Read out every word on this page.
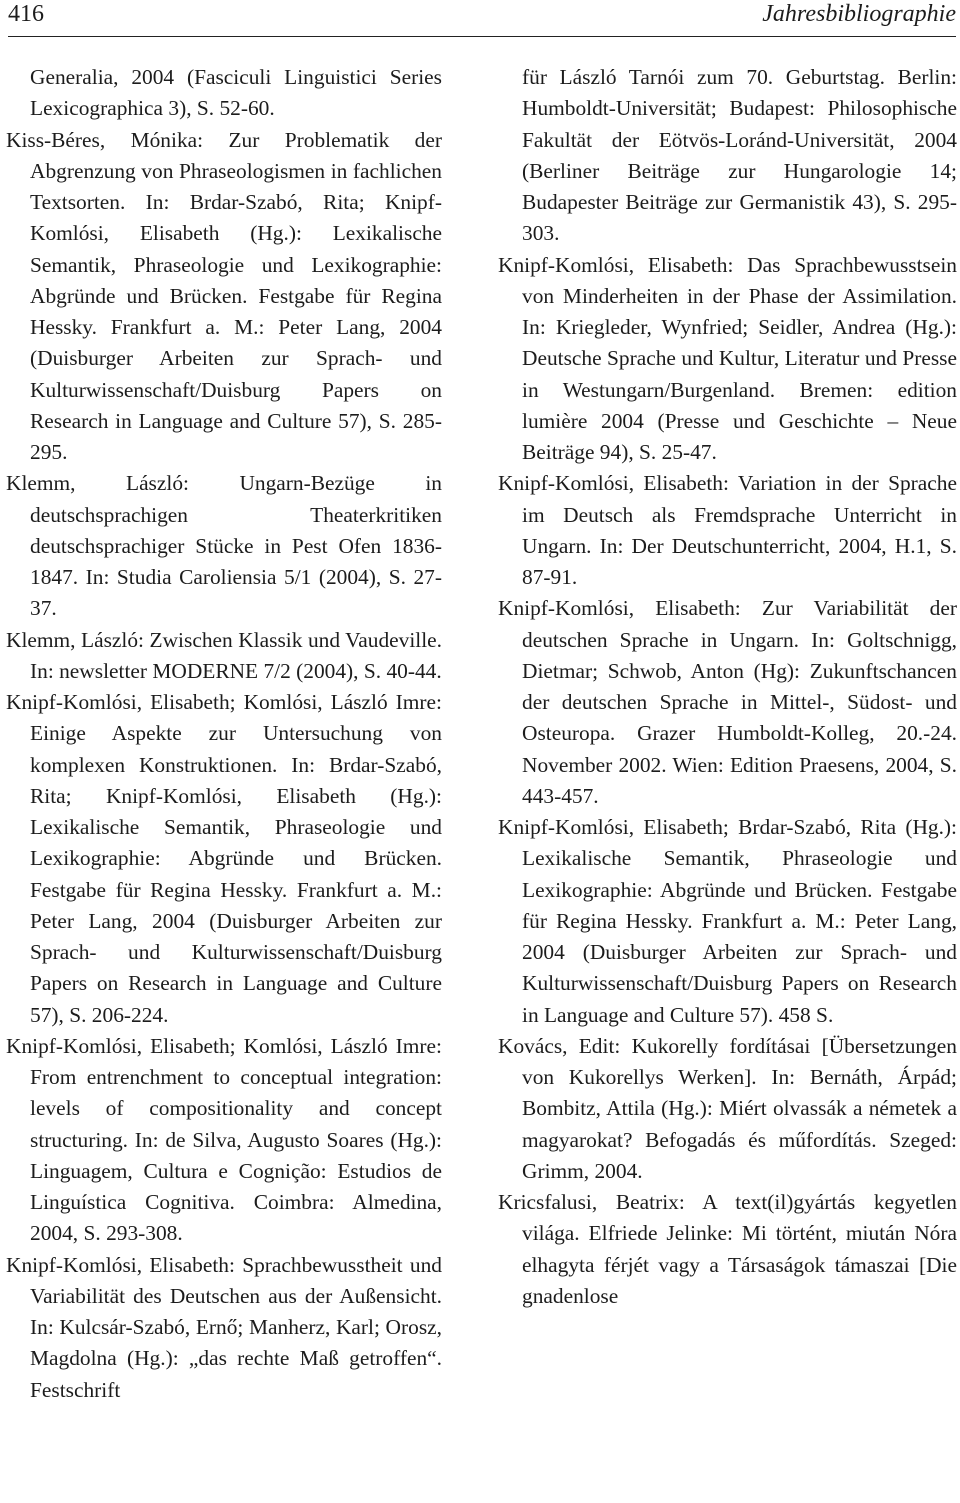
416	Jahresbibliographie

Generalia, 2004 (Fasciculi Linguistici Series Lexicographica 3), S. 52-60.

Kiss-Béres, Mónika: Zur Problematik der Abgrenzung von Phraseologismen in fachlichen Textsorten. In: Brdar-Szabó, Rita; Knipf-Komlósi, Elisabeth (Hg.): Lexikalische Semantik, Phraseologie und Lexikographie: Abgründe und Brücken. Festgabe für Regina Hessky. Frankfurt a. M.: Peter Lang, 2004 (Duisburger Arbeiten zur Sprach- und Kulturwissenschaft/Duisburg Papers on Research in Language and Culture 57), S. 285-295.

Klemm, László: Ungarn-Bezüge in deutschsprachigen Theaterkritiken deutschsprachiger Stücke in Pest Ofen 1836-1847. In: Studia Caroliensia 5/1 (2004), S. 27-37.

Klemm, László: Zwischen Klassik und Vaudeville. In: newsletter MODERNE 7/2 (2004), S. 40-44.

Knipf-Komlósi, Elisabeth; Komlósi, László Imre: Einige Aspekte zur Untersuchung von komplexen Konstruktionen. In: Brdar-Szabó, Rita; Knipf-Komlósi, Elisabeth (Hg.): Lexikalische Semantik, Phraseologie und Lexikographie: Abgründe und Brücken. Festgabe für Regina Hessky. Frankfurt a. M.: Peter Lang, 2004 (Duisburger Arbeiten zur Sprach- und Kulturwissenschaft/Duisburg Papers on Research in Language and Culture 57), S. 206-224.

Knipf-Komlósi, Elisabeth; Komlósi, László Imre: From entrenchment to conceptual integration: levels of compositionality and concept structuring. In: de Silva, Augusto Soares (Hg.): Linguagem, Cultura e Cognição: Estudios de Linguística Cognitiva. Coimbra: Almedina, 2004, S. 293-308.

Knipf-Komlósi, Elisabeth: Sprachbewusstheit und Variabilität des Deutschen aus der Außensicht. In: Kulcsár-Szabó, Ernő; Manherz, Karl; Orosz, Magdolna (Hg.): „das rechte Maß getroffen“. Festschrift

für László Tarnói zum 70. Geburtstag. Berlin: Humboldt-Universität; Budapest: Philosophische Fakultät der Eötvös-Loránd-Universität, 2004 (Berliner Beiträge zur Hungarologie 14; Budapester Beiträge zur Germanistik 43), S. 295-303.

Knipf-Komlósi, Elisabeth: Das Sprachbewusstsein von Minderheiten in der Phase der Assimilation. In: Kriegleder, Wynfried; Seidler, Andrea (Hg.): Deutsche Sprache und Kultur, Literatur und Presse in Westungarn/Burgenland. Bremen: edition lumière 2004 (Presse und Geschichte – Neue Beiträge 94), S. 25-47.

Knipf-Komlósi, Elisabeth: Variation in der Sprache im Deutsch als Fremdsprache Unterricht in Ungarn. In: Der Deutschunterricht, 2004, H.1, S. 87-91.

Knipf-Komlósi, Elisabeth: Zur Variabilität der deutschen Sprache in Ungarn. In: Goltschnigg, Dietmar; Schwob, Anton (Hg): Zukunftschancen der deutschen Sprache in Mittel-, Südost- und Osteuropa. Grazer Humboldt-Kolleg, 20.-24. November 2002. Wien: Edition Praesens, 2004, S. 443-457.

Knipf-Komlósi, Elisabeth; Brdar-Szabó, Rita (Hg.): Lexikalische Semantik, Phraseologie und Lexikographie: Abgründe und Brücken. Festgabe für Regina Hessky. Frankfurt a. M.: Peter Lang, 2004 (Duisburger Arbeiten zur Sprach- und Kulturwissenschaft/Duisburg Papers on Research in Language and Culture 57). 458 S.

Kovács, Edit: Kukorelly fordításai [Übersetzungen von Kukorellys Werken]. In: Bernáth, Árpád; Bombitz, Attila (Hg.): Miért olvassák a németek a magyarokat? Befogadás és műfordítás. Szeged: Grimm, 2004.

Kricsfalusi, Beatrix: A text(il)gyártás kegyetlen világa. Elfriede Jelinke: Mi történt, miután Nóra elhagyta férjét vagy a Társaságok támaszai [Die gnadenlose
